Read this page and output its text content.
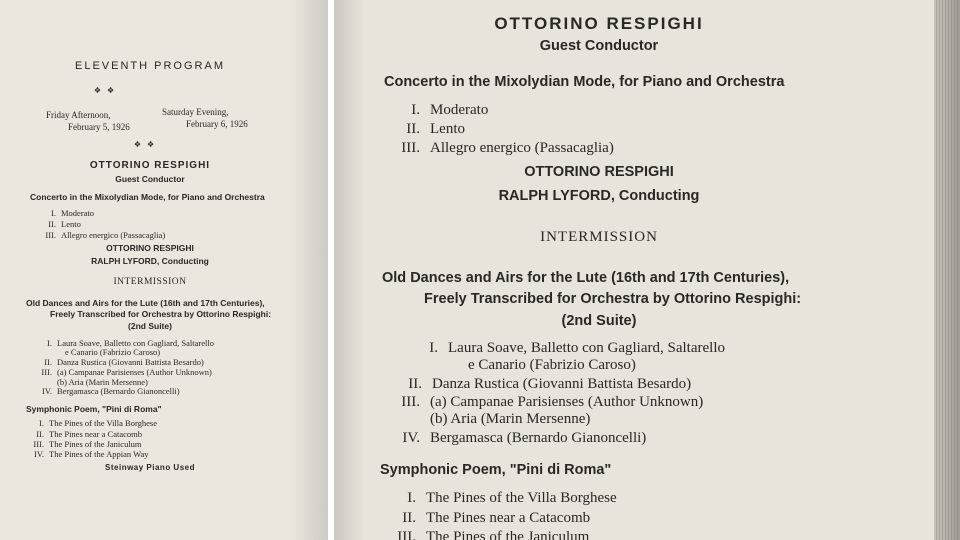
ELEVENTH PROGRAM
❖ ❖
Friday Afternoon,
February 5, 1926
Saturday Evening,
February 6, 1926
❖ ❖
OTTORINO RESPIGHI
Guest Conductor
Concerto in the Mixolydian Mode, for Piano and Orchestra
I. Moderato
II. Lento
III. Allegro energico (Passacaglia)
OTTORINO RESPIGHI
RALPH LYFORD, Conducting
INTERMISSION
Old Dances and Airs for the Lute (16th and 17th Centuries),
Freely Transcribed for Orchestra by Ottorino Respighi:
(2nd Suite)
I. Laura Soave, Balletto con Gagliard, Saltarello
e Canario (Fabrizio Caroso)
II. Danza Rustica (Giovanni Battista Besardo)
III. (a) Campanae Parisienses (Author Unknown)
(b) Aria (Marin Mersenne)
IV. Bergamasca (Bernardo Gianoncelli)
Symphonic Poem, "Pini di Roma"
I. The Pines of the Villa Borghese
II. The Pines near a Catacomb
III. The Pines of the Janiculum
IV. The Pines of the Appian Way
Steinway Piano Used
OTTORINO RESPIGHI
Guest Conductor
Concerto in the Mixolydian Mode, for Piano and Orchestra
I. Moderato
II. Lento
III. Allegro energico (Passacaglia)
OTTORINO RESPIGHI
RALPH LYFORD, Conducting
INTERMISSION
Old Dances and Airs for the Lute (16th and 17th Centuries),
Freely Transcribed for Orchestra by Ottorino Respighi:
(2nd Suite)
I. Laura Soave, Balletto con Gagliard, Saltarello
e Canario (Fabrizio Caroso)
II. Danza Rustica (Giovanni Battista Besardo)
III. (a) Campanae Parisienses (Author Unknown)
(b) Aria (Marin Mersenne)
IV. Bergamasca (Bernardo Gianoncelli)
Symphonic Poem, "Pini di Roma"
I. The Pines of the Villa Borghese
II. The Pines near a Catacomb
III. The Pines of the Janiculum
